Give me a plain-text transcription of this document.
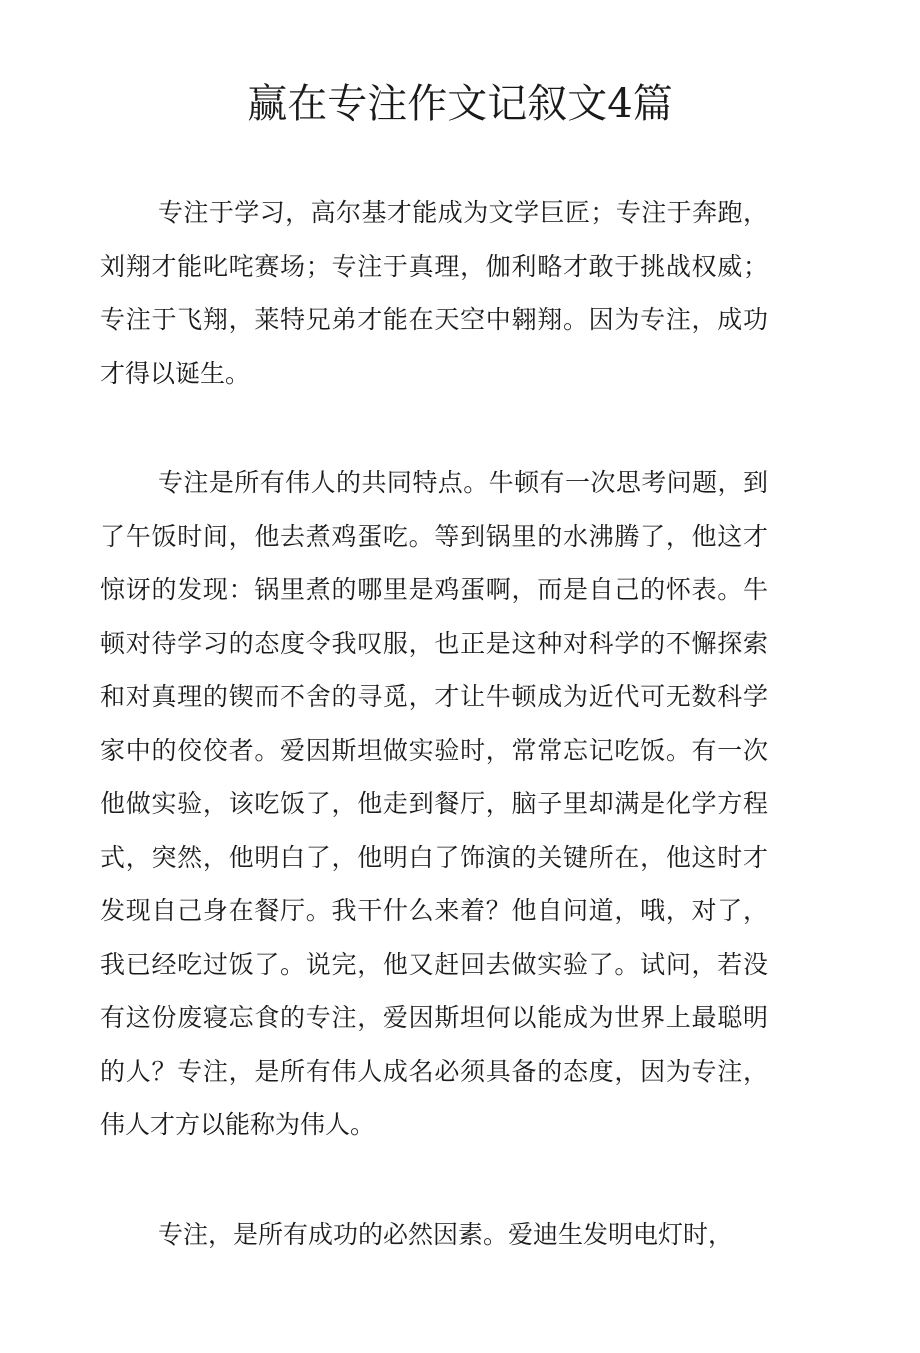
赢在专注作文记叙文4篇

专注于学习，高尔基才能成为文学巨匠；专注于奔跑，刘翔才能叱咤赛场；专注于真理，伽利略才敢于挑战权威；专注于飞翔，莱特兄弟才能在天空中翱翔。因为专注，成功才得以诞生。

专注是所有伟人的共同特点。牛顿有一次思考问题，到了午饭时间，他去煮鸡蛋吃。等到锅里的水沸腾了，他这才惊讶的发现：锅里煮的哪里是鸡蛋啊，而是自己的怀表。牛顿对待学习的态度令我叹服，也正是这种对科学的不懈探索和对真理的锲而不舍的寻觅，才让牛顿成为近代可无数科学家中的佼佼者。爱因斯坦做实验时，常常忘记吃饭。有一次他做实验，该吃饭了，他走到餐厅，脑子里却满是化学方程式，突然，他明白了，他明白了饰演的关键所在，他这时才发现自己身在餐厅。我干什么来着？他自问道，哦，对了，我已经吃过饭了。说完，他又赶回去做实验了。试问，若没有这份废寝忘食的专注，爱因斯坦何以能成为世界上最聪明的人？专注，是所有伟人成名必须具备的态度，因为专注，伟人才方以能称为伟人。

专注，是所有成功的必然因素。爱迪生发明电灯时，
